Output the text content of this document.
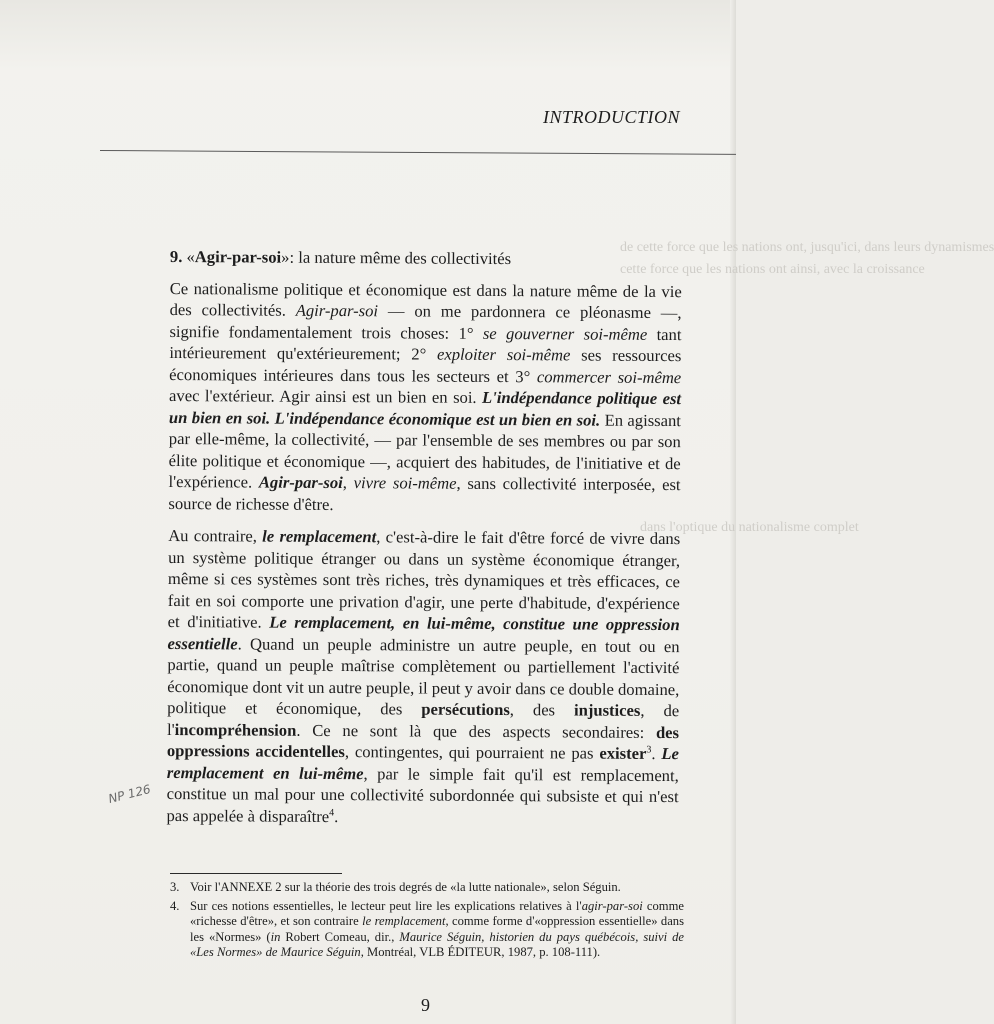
de cette force que les nations ont, jusqu'ici, dans leurs dynamismes
cette force que les nations ont ainsi, avec la croissance
dans l'optique du nationalisme complet
INTRODUCTION

9. «Agir-par-soi»: la nature même des collectivités

Ce nationalisme politique et économique est dans la nature même de la vie des collectivités. Agir-par-soi — on me pardonnera ce pléonasme —, signifie fondamentalement trois choses: 1° se gouverner soi-même tant intérieurement qu'extérieurement; 2° exploiter soi-même ses ressources économiques intérieures dans tous les secteurs et 3° commercer soi-même avec l'extérieur. Agir ainsi est un bien en soi. L'indépendance politique est un bien en soi. L'indépendance économique est un bien en soi. En agissant par elle-même, la collectivité, — par l'ensemble de ses membres ou par son élite politique et économique —, acquiert des habitudes, de l'initiative et de l'expérience. Agir-par-soi, vivre soi-même, sans collectivité interposée, est source de richesse d'être.

Au contraire, le remplacement, c'est-à-dire le fait d'être forcé de vivre dans un système politique étranger ou dans un système économique étranger, même si ces systèmes sont très riches, très dynamiques et très efficaces, ce fait en soi comporte une privation d'agir, une perte d'habitude, d'expérience et d'initiative. Le remplacement, en lui-même, constitue une oppression essentielle. Quand un peuple administre un autre peuple, en tout ou en partie, quand un peuple maîtrise complètement ou partiellement l'activité économique dont vit un autre peuple, il peut y avoir dans ce double domaine, politique et économique, des persécutions, des injustices, de l'incompréhension. Ce ne sont là que des aspects secondaires: des oppressions accidentelles, contingentes, qui pourraient ne pas exister$^3$. Le remplacement en lui-même, par le simple fait qu'il est remplacement, constitue un mal pour une collectivité subordonnée qui subsiste et qui n'est pas appelée à disparaître$^4$.

NP 126
3. Voir l'ANNEXE 2 sur la théorie des trois degrés de «la lutte nationale», selon Séguin.
4. Sur ces notions essentielles, le lecteur peut lire les explications relatives à l'agir-par-soi comme «richesse d'être», et son contraire le remplacement, comme forme d'«oppression essentielle» dans les «Normes» (in Robert Comeau, dir., Maurice Séguin, historien du pays québécois, suivi de «Les Normes» de Maurice Séguin, Montréal, VLB ÉDITEUR, 1987, p. 108-111).
9
